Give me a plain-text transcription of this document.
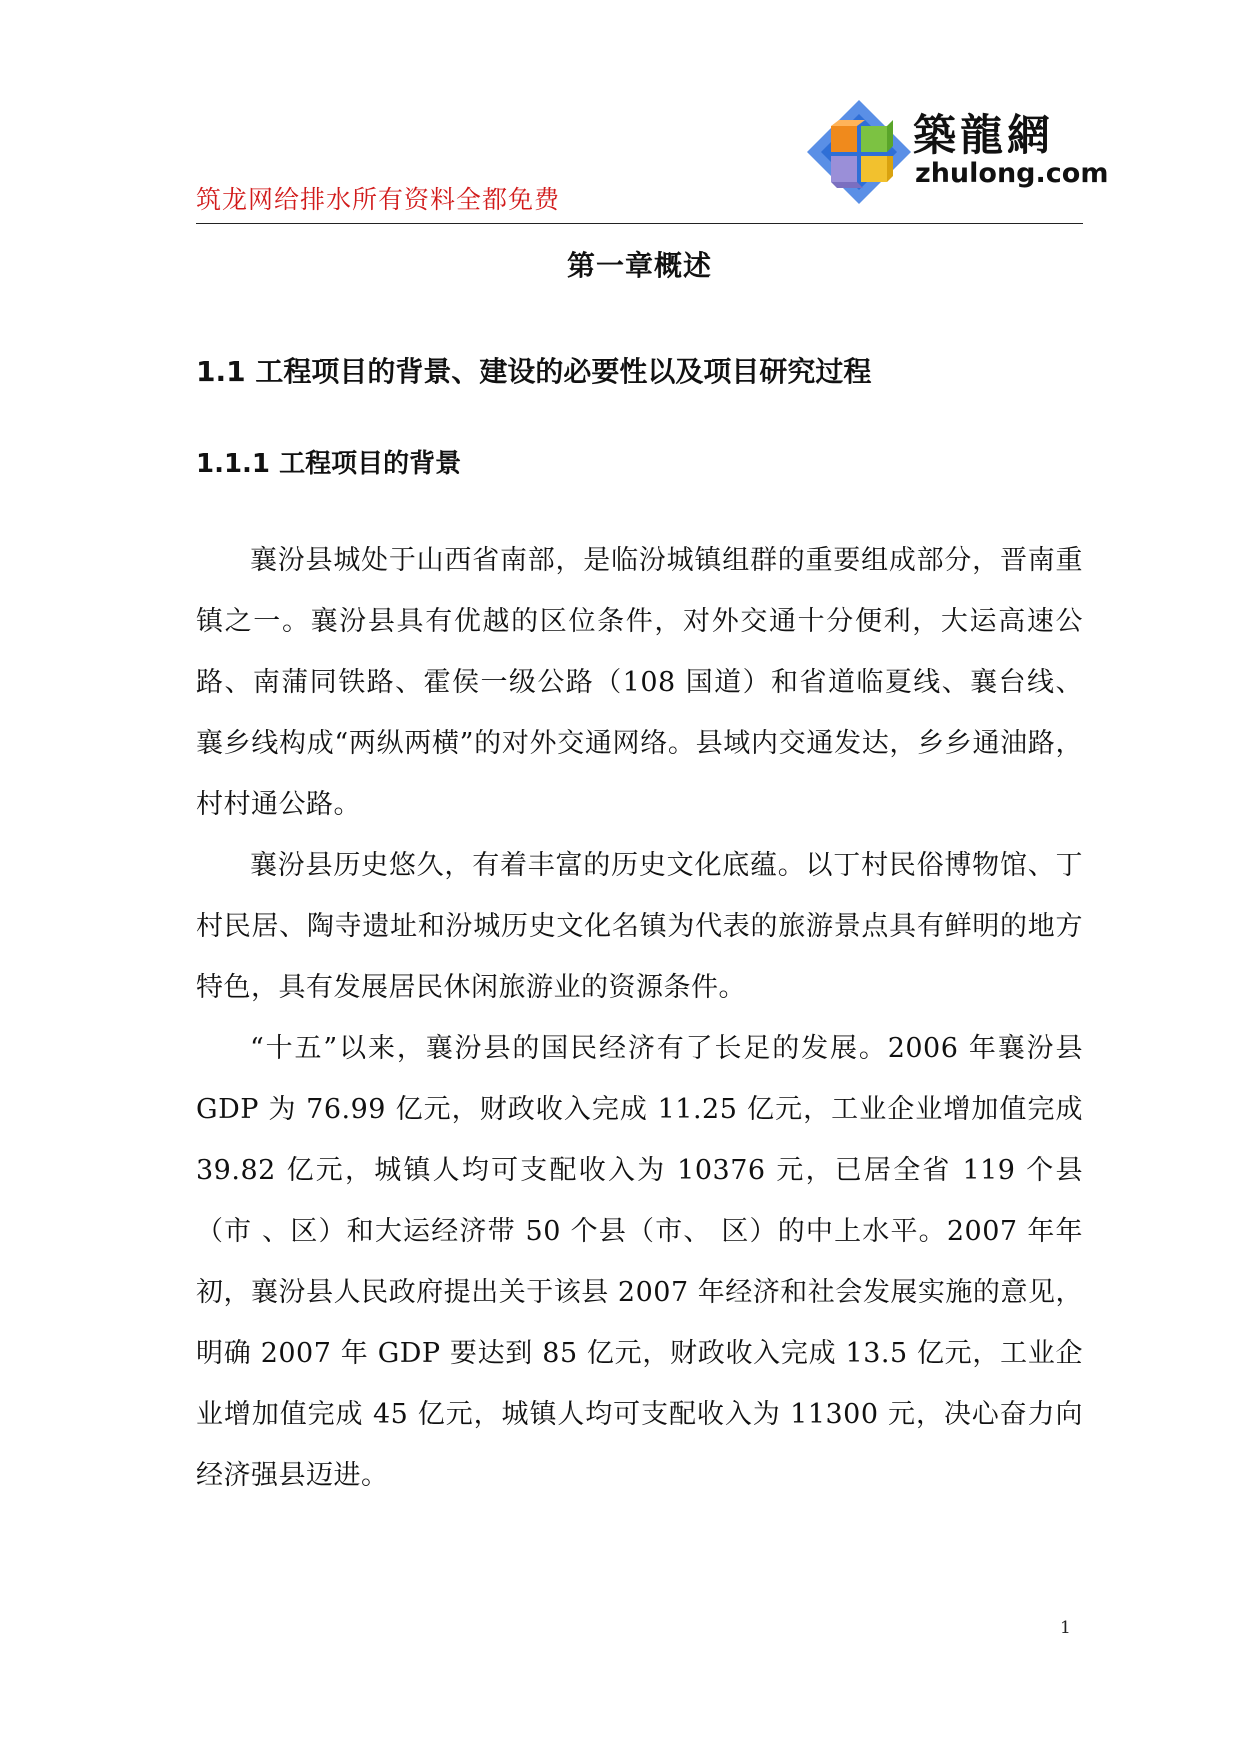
築龍網
zhulong.com
筑龙网给排水所有资料全都免费
第一章概述
1.1 工程项目的背景、建设的必要性以及项目研究过程
1.1.1 工程项目的背景

襄汾县城处于山西省南部，是临汾城镇组群的重要组成部分，晋南重镇之一。襄汾县具有优越的区位条件，对外交通十分便利，大运高速公路、南蒲同铁路、霍侯一级公路（108 国道）和省道临夏线、襄台线、襄乡线构成“两纵两横”的对外交通网络。县域内交通发达，乡乡通油路，村村通公路。

襄汾县历史悠久，有着丰富的历史文化底蕴。以丁村民俗博物馆、丁村民居、陶寺遗址和汾城历史文化名镇为代表的旅游景点具有鲜明的地方特色，具有发展居民休闲旅游业的资源条件。

“十五”以来，襄汾县的国民经济有了长足的发展。2006 年襄汾县 GDP 为 76.99 亿元，财政收入完成 11.25 亿元，工业企业增加值完成 39.82 亿元，城镇人均可支配收入为 10376 元，已居全省 119 个县（市 、区）和大运经济带 50 个县（市、 区）的中上水平。2007 年年初，襄汾县人民政府提出关于该县 2007 年经济和社会发展实施的意见，明确 2007 年 GDP 要达到 85 亿元，财政收入完成 13.5 亿元，工业企业增加值完成 45 亿元，城镇人均可支配收入为 11300 元，决心奋力向经济强县迈进。

1
